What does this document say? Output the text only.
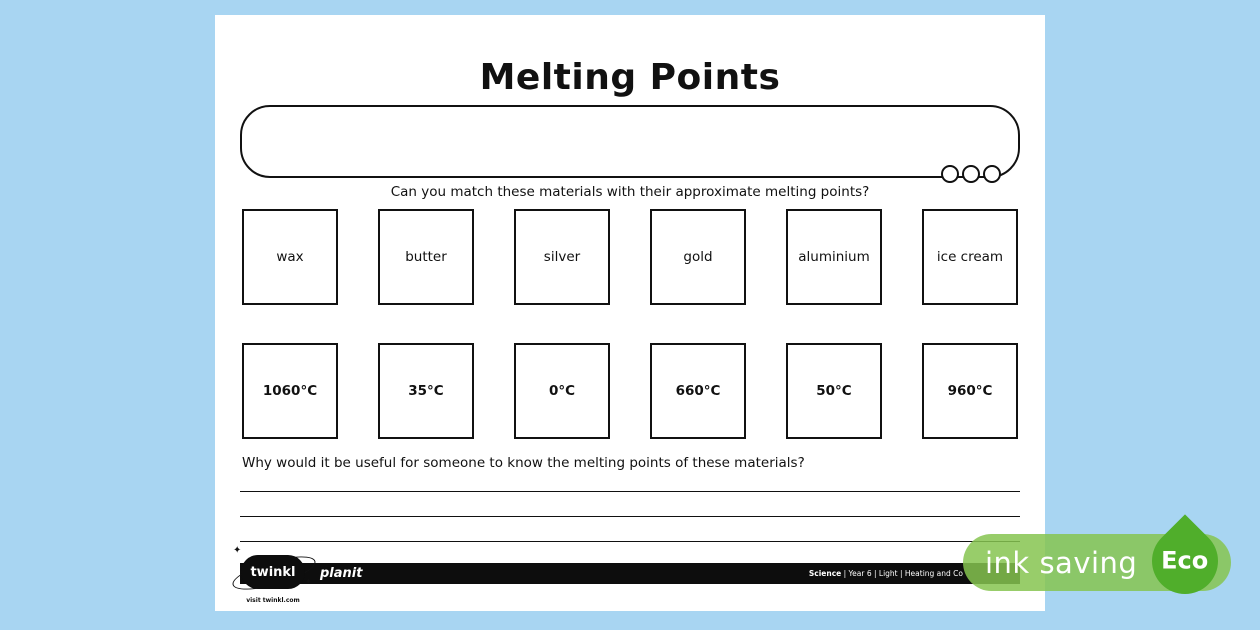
Melting Points
Can you match these materials with their approximate melting points?
wax	butter	silver	gold	aluminium	ice cream
1060°C	35°C	0°C	660°C	50°C	960°C
Why would it be useful for someone to know the melting points of these materials?
planit	Science | Year 6 | Light | Heating and Co
twinkl
✦
✦
visit twinkl.com
ink saving Eco
